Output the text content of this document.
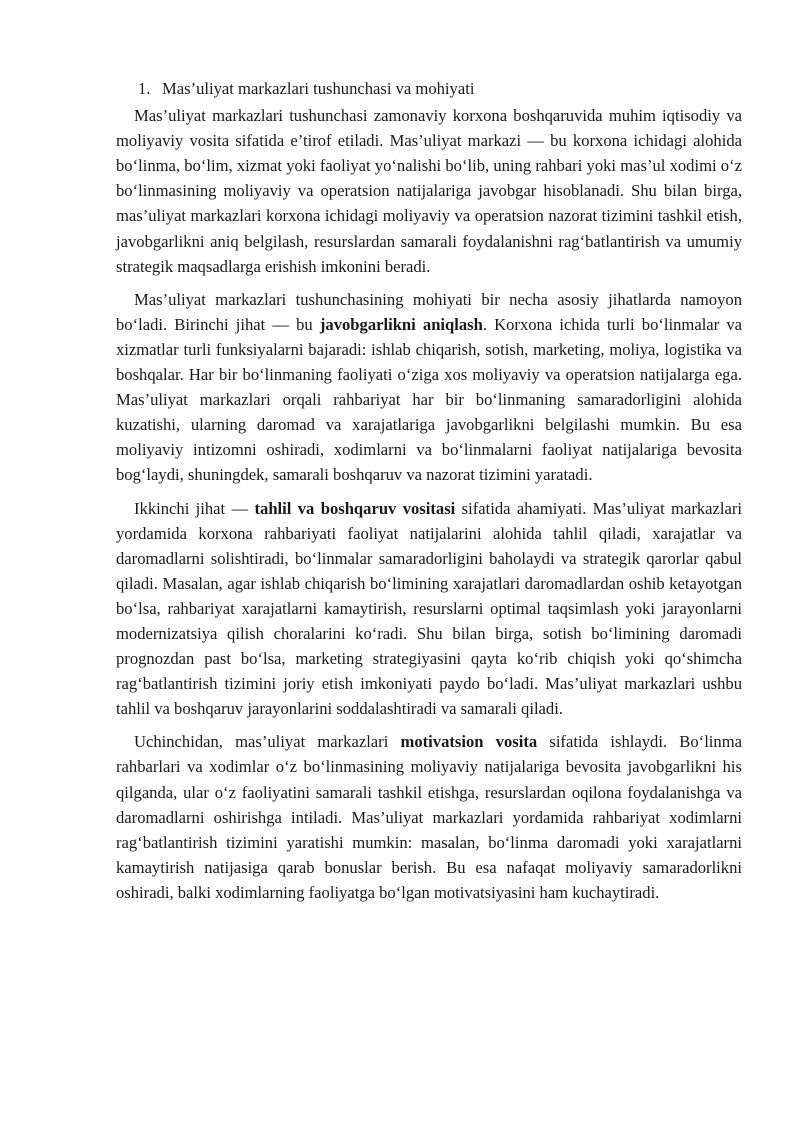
1. Mas’uliyat markazlari tushunchasi va mohiyati

Mas’uliyat markazlari tushunchasi zamonaviy korxona boshqaruvida muhim iqtisodiy va moliyaviy vosita sifatida e’tirof etiladi. Mas’uliyat markazi — bu korxona ichidagi alohida bo‘linma, bo‘lim, xizmat yoki faoliyat yo‘nalishi bo‘lib, uning rahbari yoki mas’ul xodimi o‘z bo‘linmasining moliyaviy va operatsion natijalariga javobgar hisoblanadi. Shu bilan birga, mas’uliyat markazlari korxona ichidagi moliyaviy va operatsion nazorat tizimini tashkil etish, javobgarlikni aniq belgilash, resurslardan samarali foydalanishni rag‘batlantirish va umumiy strategik maqsadlarga erishish imkonini beradi.

Mas’uliyat markazlari tushunchasining mohiyati bir necha asosiy jihatlarda namoyon bo‘ladi. Birinchi jihat — bu javobgarlikni aniqlash. Korxona ichida turli bo‘linmalar va xizmatlar turli funksiyalarni bajaradi: ishlab chiqarish, sotish, marketing, moliya, logistika va boshqalar. Har bir bo‘linmaning faoliyati o‘ziga xos moliyaviy va operatsion natijalarga ega. Mas’uliyat markazlari orqali rahbariyat har bir bo‘linmaning samaradorligini alohida kuzatishi, ularning daromad va xarajatlariga javobgarlikni belgilashi mumkin. Bu esa moliyaviy intizomni oshiradi, xodimlarni va bo‘linmalarni faoliyat natijalariga bevosita bog‘laydi, shuningdek, samarali boshqaruv va nazorat tizimini yaratadi.

Ikkinchi jihat — tahlil va boshqaruv vositasi sifatida ahamiyati. Mas’uliyat markazlari yordamida korxona rahbariyati faoliyat natijalarini alohida tahlil qiladi, xarajatlar va daromadlarni solishtiradi, bo‘linmalar samaradorligini baholaydi va strategik qarorlar qabul qiladi. Masalan, agar ishlab chiqarish bo‘limining xarajatlari daromadlardan oshib ketayotgan bo‘lsa, rahbariyat xarajatlarni kamaytirish, resurslarni optimal taqsimlash yoki jarayonlarni modernizatsiya qilish choralarini ko‘radi. Shu bilan birga, sotish bo‘limining daromadi prognozdan past bo‘lsa, marketing strategiyasini qayta ko‘rib chiqish yoki qo‘shimcha rag‘batlantirish tizimini joriy etish imkoniyati paydo bo‘ladi. Mas’uliyat markazlari ushbu tahlil va boshqaruv jarayonlarini soddalashtiradi va samarali qiladi.

Uchinchidan, mas’uliyat markazlari motivatsion vosita sifatida ishlaydi. Bo‘linma rahbarlari va xodimlar o‘z bo‘linmasining moliyaviy natijalariga bevosita javobgarlikni his qilganda, ular o‘z faoliyatini samarali tashkil etishga, resurslardan oqilona foydalanishga va daromadlarni oshirishga intiladi. Mas’uliyat markazlari yordamida rahbariyat xodimlarni rag‘batlantirish tizimini yaratishi mumkin: masalan, bo‘linma daromadi yoki xarajatlarni kamaytirish natijasiga qarab bonuslar berish. Bu esa nafaqat moliyaviy samaradorlikni oshiradi, balki xodimlarning faoliyatga bo‘lgan motivatsiyasini ham kuchaytiradi.
